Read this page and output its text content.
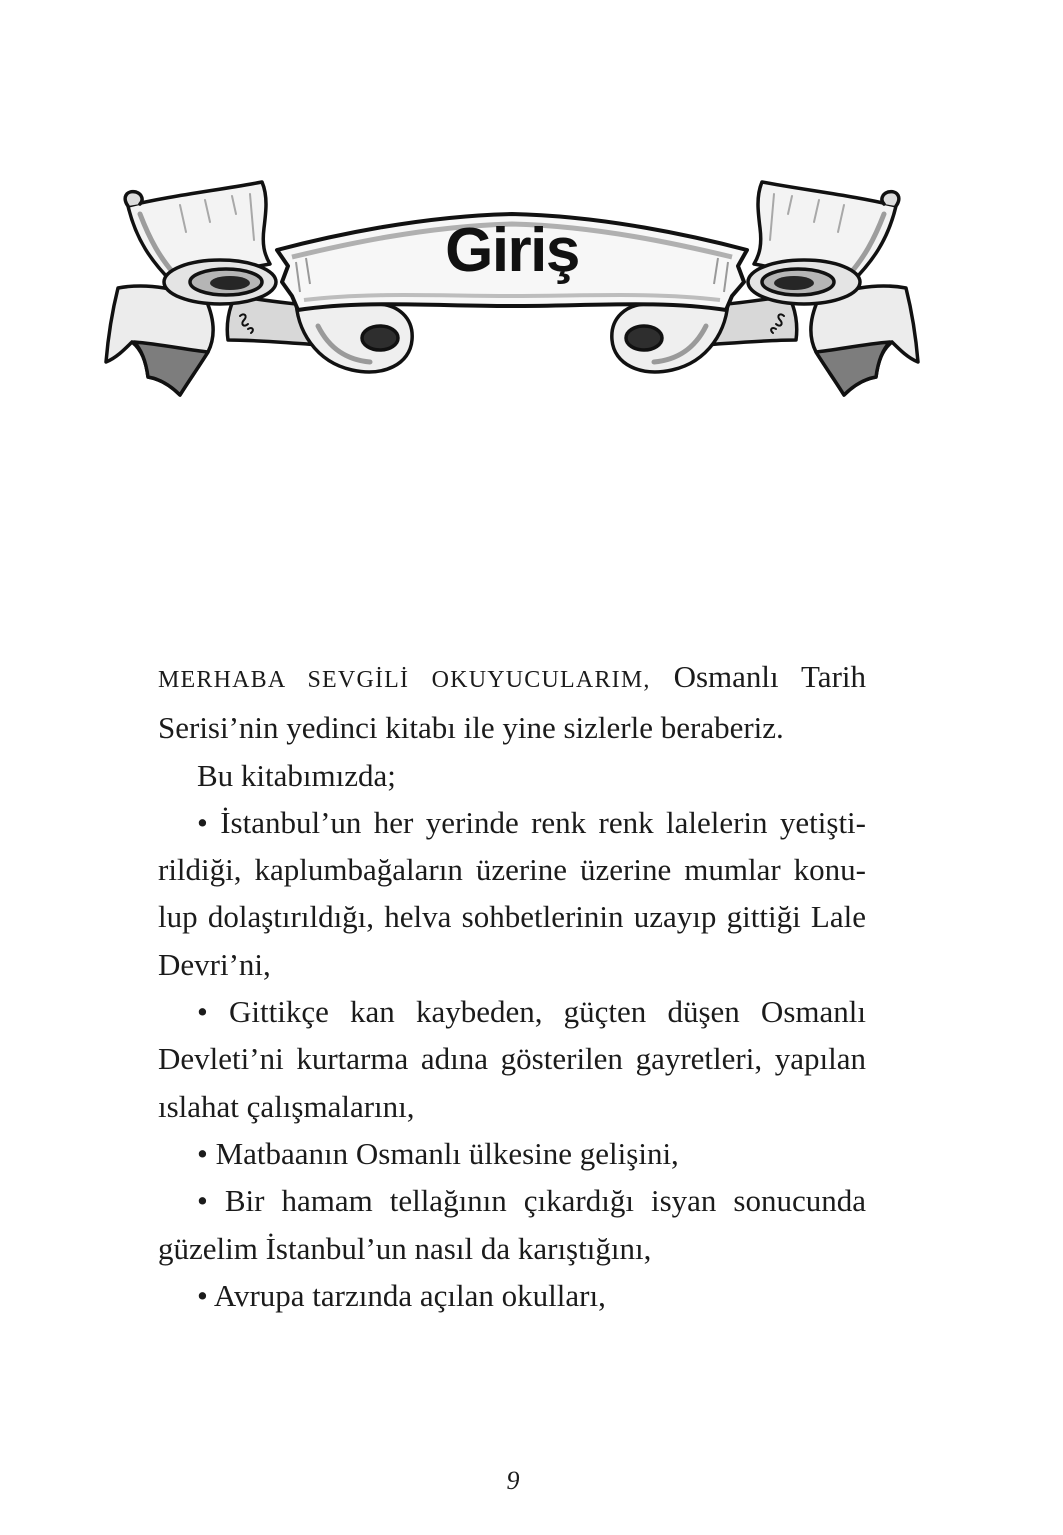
Giriş
MERHABA SEVGİLİ OKUYUCULARIM, Osmanlı Tarih
Serisi’nin yedinci kitabı ile yine sizlerle beraberiz.
Bu kitabımızda;
• İstanbul’un her yerinde renk renk lalelerin yetişti-
rildiği, kaplumbağaların üzerine üzerine mumlar konu-
lup dolaştırıldığı, helva sohbetlerinin uzayıp gittiği Lale
Devri’ni,
• Gittikçe kan kaybeden, güçten düşen Osmanlı
Devleti’ni kurtarma adına gösterilen gayretleri, yapılan
ıslahat çalışmalarını,
• Matbaanın Osmanlı ülkesine gelişini,
• Bir hamam tellağının çıkardığı isyan sonucunda
güzelim İstanbul’un nasıl da karıştığını,
• Avrupa tarzında açılan okulları,
9
